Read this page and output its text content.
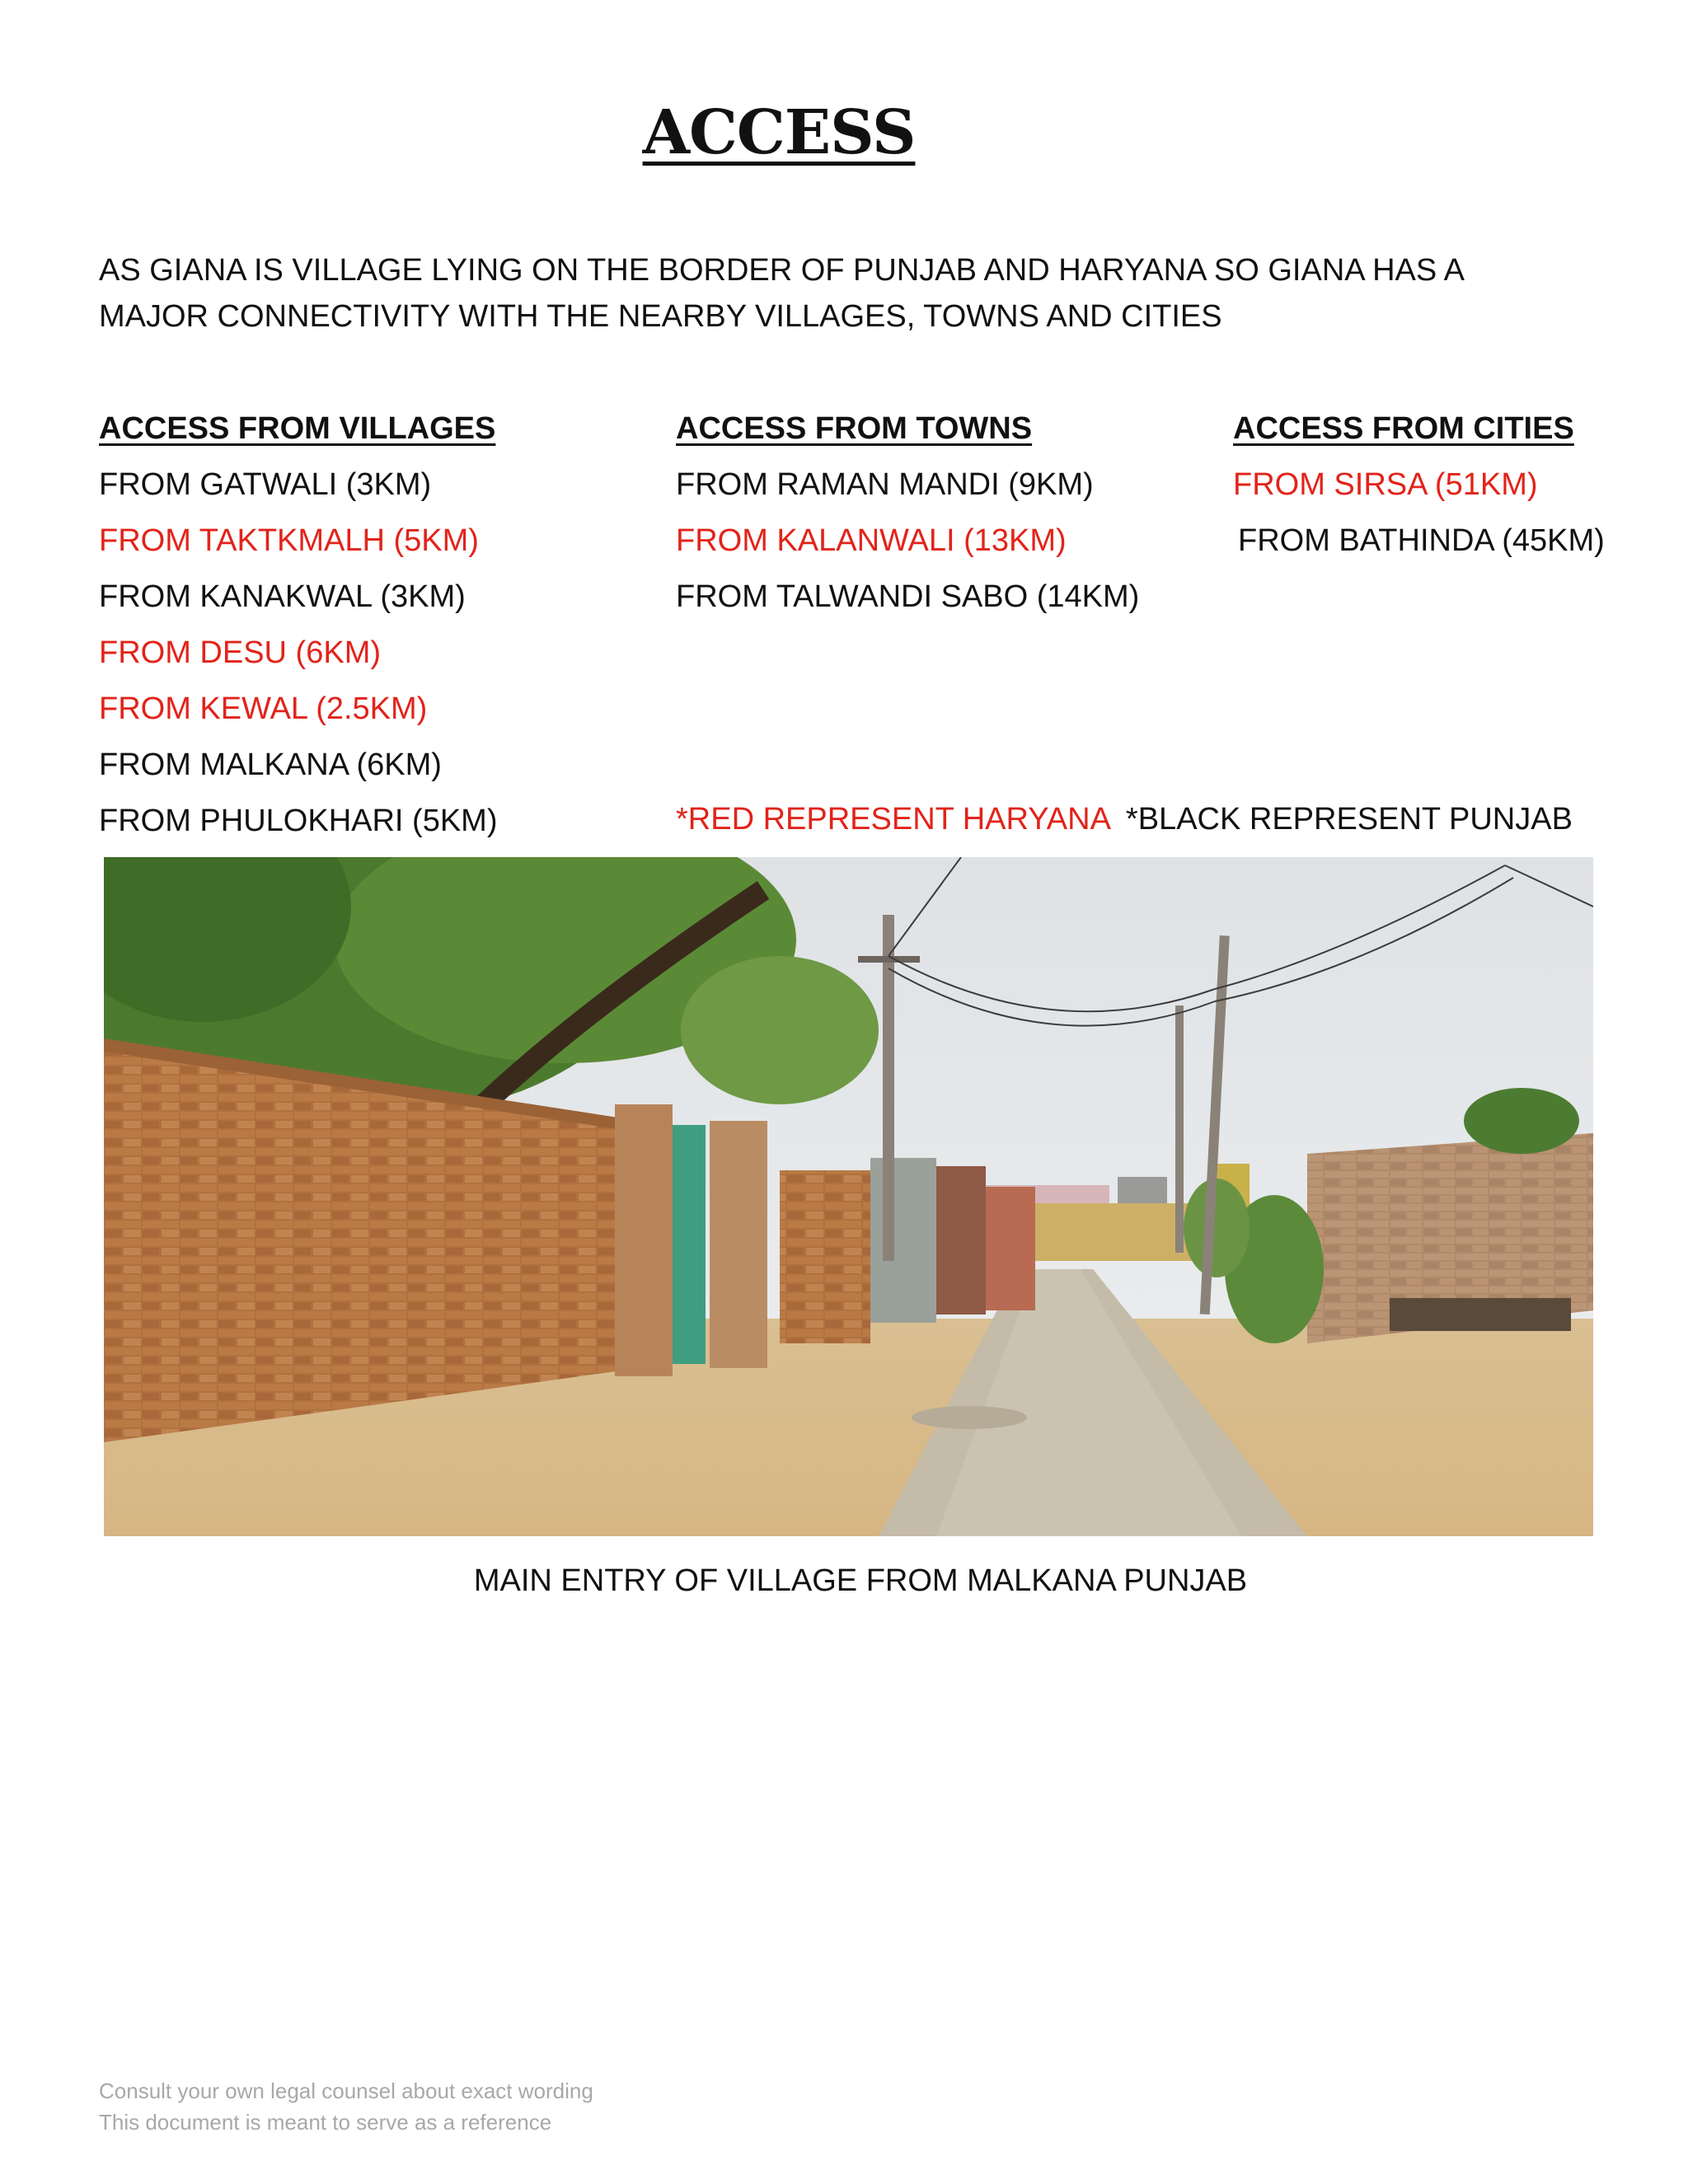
ACCESS

AS GIANA IS VILLAGE LYING ON THE BORDER OF PUNJAB AND HARYANA SO GIANA HAS A MAJOR CONNECTIVITY WITH THE NEARBY VILLAGES, TOWNS AND CITIES

ACCESS FROM VILLAGES
FROM GATWALI (3KM)
FROM TAKTKMALH (5KM)
FROM KANAKWAL (3KM)
FROM DESU (6KM)
FROM KEWAL (2.5KM)
FROM MALKANA (6KM)
FROM PHULOKHARI (5KM)
ACCESS FROM TOWNS
FROM RAMAN MANDI (9KM)
FROM KALANWALI (13KM)
FROM TALWANDI SABO (14KM)
ACCESS FROM CITIES
FROM SIRSA (51KM)
FROM BATHINDA (45KM)
*RED REPRESENT HARYANA *BLACK REPRESENT PUNJAB

MAIN ENTRY OF VILLAGE FROM MALKANA PUNJAB

Consult your own legal counsel about exact wording
This document is meant to serve as a reference
